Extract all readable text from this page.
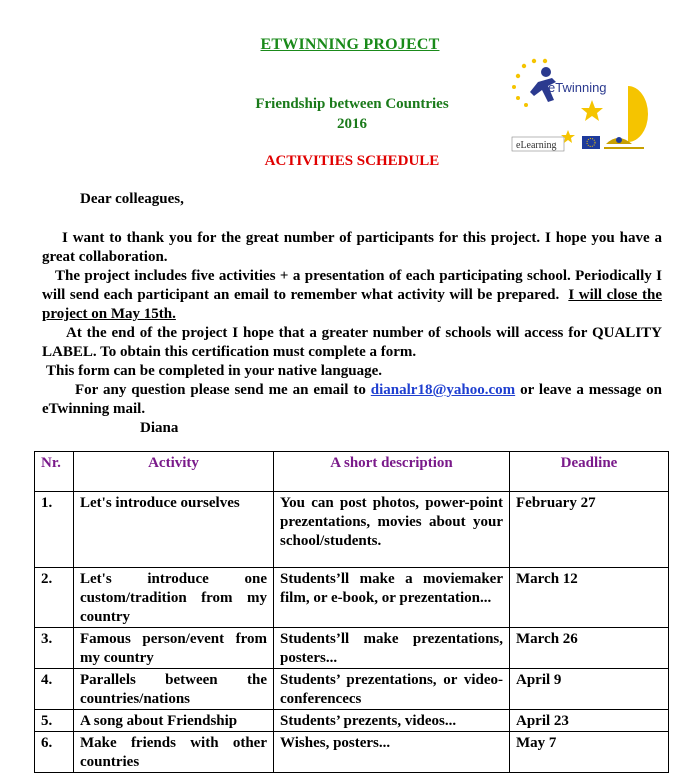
ETWINNING PROJECT
Friendship between Countries
2016
ACTIVITIES SCHEDULE
eTwinning
eLearning
Dear colleagues,

I want to thank you for the great number of participants for this project. I hope you have a great collaboration.

The project includes five activities + a presentation of each participating school. Periodically I will send each participant an email to remember what activity will be prepared. I will close the project on May 15th.

At the end of the project I hope that a greater number of schools will access for QUALITY LABEL. To obtain this certification must complete a form.

This form can be completed in your native language.

For any question please send me an email to dianalr18@yahoo.com or leave a message on eTwinning mail.

Diana
Nr.	Activity	A short description	Deadline
1.	Let's introduce ourselves	You can post photos, power-point prezentations, movies about your school/students.	February 27
2.	Let's introduce one custom/tradition from my country	Students’ll make a moviemaker film, or e-book, or prezentation...	March 12
3.	Famous person/event from my country	Students’ll make prezentations, posters...	March 26
4.	Parallels between the countries/nations	Students’ prezentations, or video-conferencecs	April 9
5.	A song about Friendship	Students’ prezents, videos...	April 23
6.	Make friends with other countries	Wishes, posters...	May 7
